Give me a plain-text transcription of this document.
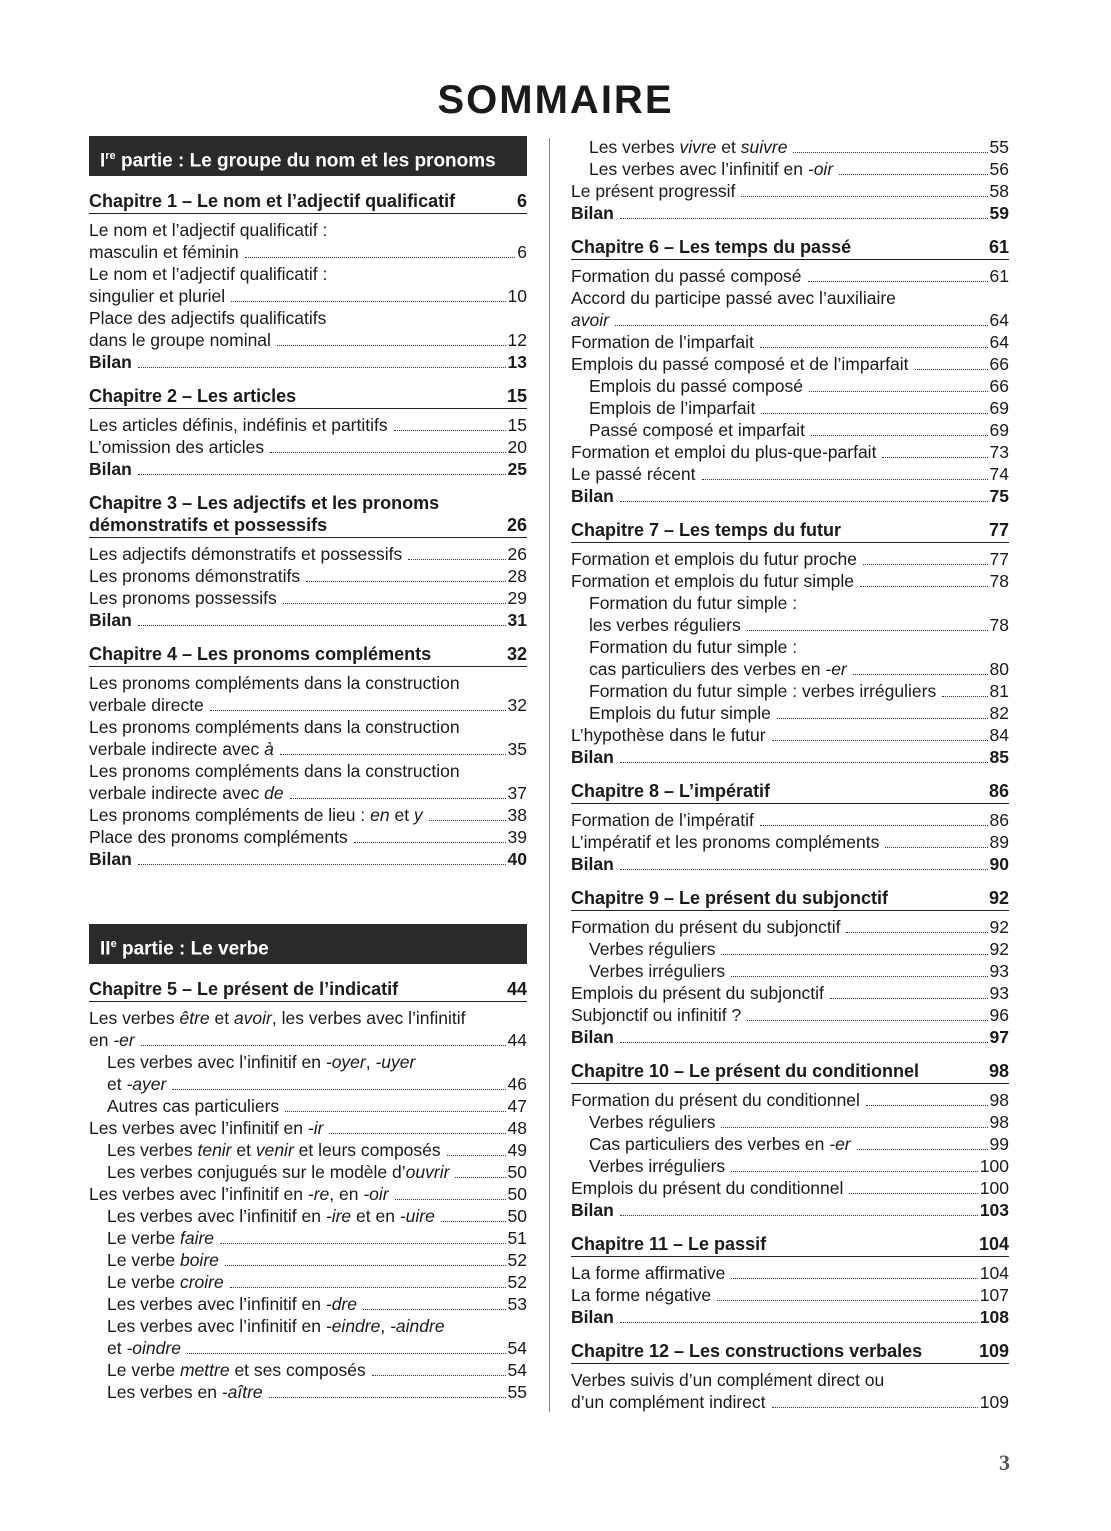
SOMMAIRE
Ire partie : Le groupe du nom et les pronoms
Chapitre 1 – Le nom et l’adjectif qualificatif	6
Le nom et l’adjectif qualificatif :
masculin et féminin	6
Le nom et l’adjectif qualificatif :
singulier et pluriel	10
Place des adjectifs qualificatifs
dans le groupe nominal	12
Bilan	13
Chapitre 2 – Les articles	15
Les articles définis, indéfinis et partitifs	15
L’omission des articles	20
Bilan	25
Chapitre 3 – Les adjectifs et les pronoms
démonstratifs et possessifs	26
Les adjectifs démonstratifs et possessifs	26
Les pronoms démonstratifs	28
Les pronoms possessifs	29
Bilan	31
Chapitre 4 – Les pronoms compléments	32
Les pronoms compléments dans la construction
verbale directe	32
Les pronoms compléments dans la construction
verbale indirecte avec à	35
Les pronoms compléments dans la construction
verbale indirecte avec de	37
Les pronoms compléments de lieu : en et y	38
Place des pronoms compléments	39
Bilan	40
IIe partie : Le verbe
Chapitre 5 – Le présent de l’indicatif	44
Les verbes être et avoir, les verbes avec l’infinitif
en -er	44
Les verbes avec l’infinitif en -oyer, -uyer
et -ayer	46
Autres cas particuliers	47
Les verbes avec l’infinitif en -ir	48
Les verbes tenir et venir et leurs composés	49
Les verbes conjugués sur le modèle d’ouvrir	50
Les verbes avec l’infinitif en -re, en -oir	50
Les verbes avec l’infinitif en -ire et en -uire	50
Le verbe faire	51
Le verbe boire	52
Le verbe croire	52
Les verbes avec l’infinitif en -dre	53
Les verbes avec l’infinitif en -eindre, -aindre
et -oindre	54
Le verbe mettre et ses composés	54
Les verbes en -aître	55
Les verbes vivre et suivre	55
Les verbes avec l’infinitif en -oir	56
Le présent progressif	58
Bilan	59
Chapitre 6 – Les temps du passé	61
Formation du passé composé	61
Accord du participe passé avec l’auxiliaire
avoir	64
Formation de l’imparfait	64
Emplois du passé composé et de l’imparfait	66
Emplois du passé composé	66
Emplois de l’imparfait	69
Passé composé et imparfait	69
Formation et emploi du plus-que-parfait	73
Le passé récent	74
Bilan	75
Chapitre 7 – Les temps du futur	77
Formation et emplois du futur proche	77
Formation et emplois du futur simple	78
Formation du futur simple :
les verbes réguliers	78
Formation du futur simple :
cas particuliers des verbes en -er	80
Formation du futur simple : verbes irréguliers	81
Emplois du futur simple	82
L’hypothèse dans le futur	84
Bilan	85
Chapitre 8 – L’impératif	86
Formation de l’impératif	86
L’impératif et les pronoms compléments	89
Bilan	90
Chapitre 9 – Le présent du subjonctif	92
Formation du présent du subjonctif	92
Verbes réguliers	92
Verbes irréguliers	93
Emplois du présent du subjonctif	93
Subjonctif ou infinitif ?	96
Bilan	97
Chapitre 10 – Le présent du conditionnel	98
Formation du présent du conditionnel	98
Verbes réguliers	98
Cas particuliers des verbes en -er	99
Verbes irréguliers	100
Emplois du présent du conditionnel	100
Bilan	103
Chapitre 11 – Le passif	104
La forme affirmative	104
La forme négative	107
Bilan	108
Chapitre 12 – Les constructions verbales	109
Verbes suivis d’un complément direct ou
d’un complément indirect	109
3
